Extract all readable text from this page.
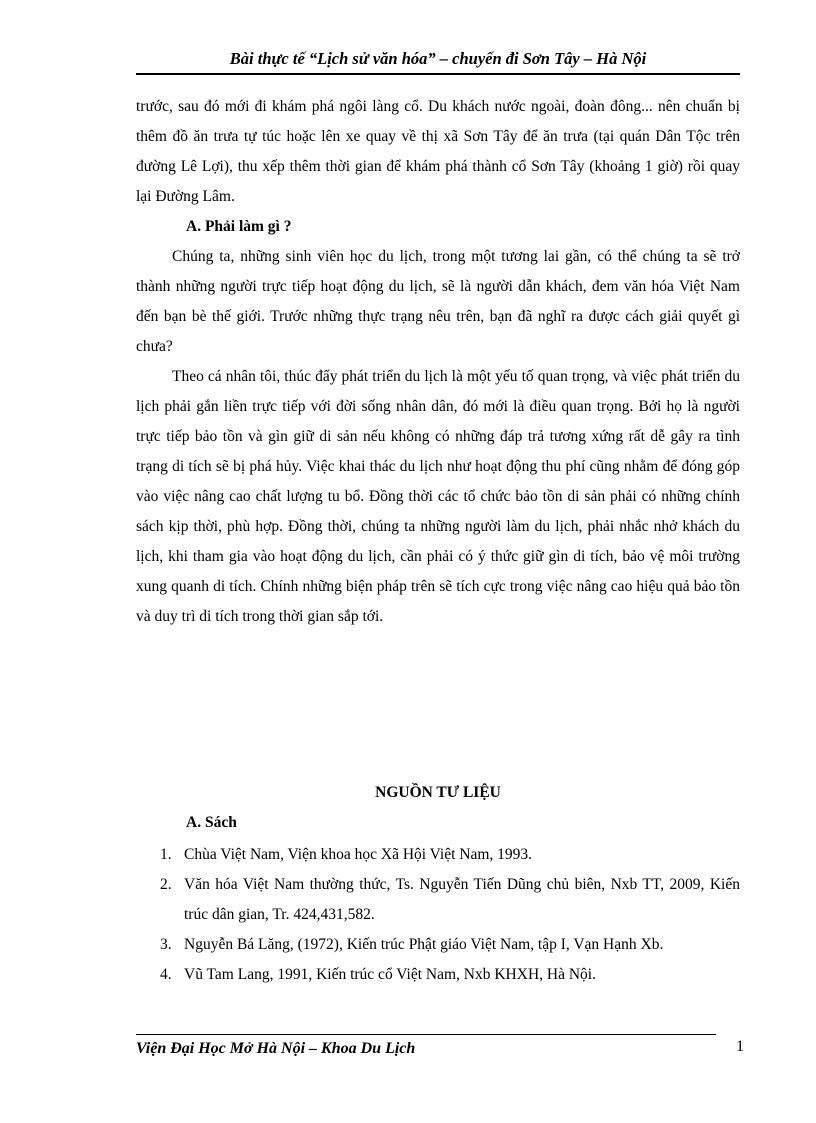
Bài thực tế “Lịch sử văn hóa” – chuyến đi Sơn Tây – Hà Nội

trước, sau đó mới đi khám phá ngôi làng cổ. Du khách nước ngoài, đoàn đông... nên chuẩn bị thêm đồ ăn trưa tự túc hoặc lên xe quay về thị xã Sơn Tây để ăn trưa (tại quán Dân Tộc trên đường Lê Lợi), thu xếp thêm thời gian để khám phá thành cổ Sơn Tây (khoảng 1 giờ) rồi quay lại Đường Lâm.

A. Phải làm gì ?

Chúng ta, những sinh viên học du lịch, trong một tương lai gần, có thể chúng ta sẽ trở thành những người trực tiếp hoạt động du lịch, sẽ là người dẫn khách, đem văn hóa Việt Nam đến bạn bè thế giới. Trước những thực trạng nêu trên, bạn đã nghĩ ra được cách giải quyết gì chưa?

Theo cá nhân tôi, thúc đẩy phát triển du lịch là một yếu tố quan trọng, và việc phát triển du lịch phải gắn liền trực tiếp với đời sống nhân dân, đó mới là điều quan trọng. Bởi họ là người trực tiếp bảo tồn và gìn giữ di sản nếu không có những đáp trả tương xứng rất dễ gây ra tình trạng di tích sẽ bị phá hủy. Việc khai thác du lịch như hoạt động thu phí cũng nhằm để đóng góp vào việc nâng cao chất lượng tu bổ. Đồng thời các tổ chức bảo tồn di sản phải có những chính sách kịp thời, phù hợp. Đồng thời, chúng ta những người làm du lịch, phải nhắc nhở khách du lịch, khi tham gia vào hoạt động du lịch, cần phải có ý thức giữ gìn di tích, bảo vệ môi trường xung quanh di tích. Chính những biện pháp trên sẽ tích cực trong việc nâng cao hiệu quả bảo tồn và duy trì di tích trong thời gian sắp tới.

NGUỒN TƯ LIỆU
A. Sách
1. Chùa Việt Nam, Viện khoa học Xã Hội Việt Nam, 1993.
2. Văn hóa Việt Nam thường thức, Ts. Nguyễn Tiến Dũng chủ biên, Nxb TT, 2009, Kiến trúc dân gian, Tr. 424,431,582.
3. Nguyễn Bá Lăng, (1972), Kiến trúc Phật giáo Việt Nam, tập I, Vạn Hạnh Xb.
4. Vũ Tam Lang, 1991, Kiến trúc cổ Việt Nam, Nxb KHXH, Hà Nội.
Viện Đại Học Mở Hà Nội – Khoa Du Lịch	1
